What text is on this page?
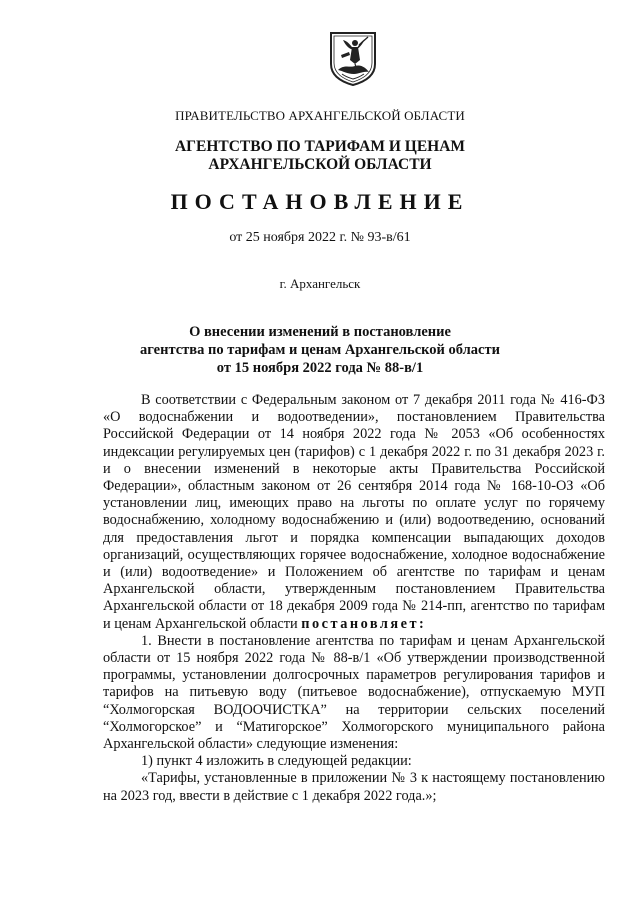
ПРАВИТЕЛЬСТВО АРХАНГЕЛЬСКОЙ ОБЛАСТИ
АГЕНТСТВО ПО ТАРИФАМ И ЦЕНАМ
АРХАНГЕЛЬСКОЙ ОБЛАСТИ
ПОСТАНОВЛЕНИЕ
от 25 ноября 2022 г. № 93-в/61
г. Архангельск
О внесении изменений в постановление
агентства по тарифам и ценам Архангельской области
от 15 ноября 2022 года № 88-в/1

В соответствии с Федеральным законом от 7 декабря 2011 года № 416-ФЗ «О водоснабжении и водоотведении», постановлением Правительства Российской Федерации от 14 ноября 2022 года № 2053 «Об особенностях индексации регулируемых цен (тарифов) с 1 декабря 2022 г. по 31 декабря 2023 г. и о внесении изменений в некоторые акты Правительства Российской Федерации», областным законом от 26 сентября 2014 года № 168-10-ОЗ «Об установлении лиц, имеющих право на льготы по оплате услуг по горячему водоснабжению, холодному водоснабжению и (или) водоотведению, оснований для предоставления льгот и порядка компенсации выпадающих доходов организаций, осуществляющих горячее водоснабжение, холодное водоснабжение и (или) водоотведение» и Положением об агентстве по тарифам и ценам Архангельской области, утвержденным постановлением Правительства Архангельской области от 18 декабря 2009 года № 214-пп, агентство по тарифам и ценам Архангельской области постановляет:

1. Внести в постановление агентства по тарифам и ценам Архангельской области от 15 ноября 2022 года № 88-в/1 «Об утверждении производственной программы, установлении долгосрочных параметров регулирования тарифов и тарифов на питьевую воду (питьевое водоснабжение), отпускаемую МУП “Холмогорская ВОДООЧИСТКА” на территории сельских поселений “Холмогорское” и “Матигорское” Холмогорского муниципального района Архангельской области» следующие изменения:

1) пункт 4 изложить в следующей редакции:

«Тарифы, установленные в приложении № 3 к настоящему постановлению на 2023 год, ввести в действие с 1 декабря 2022 года.»;
